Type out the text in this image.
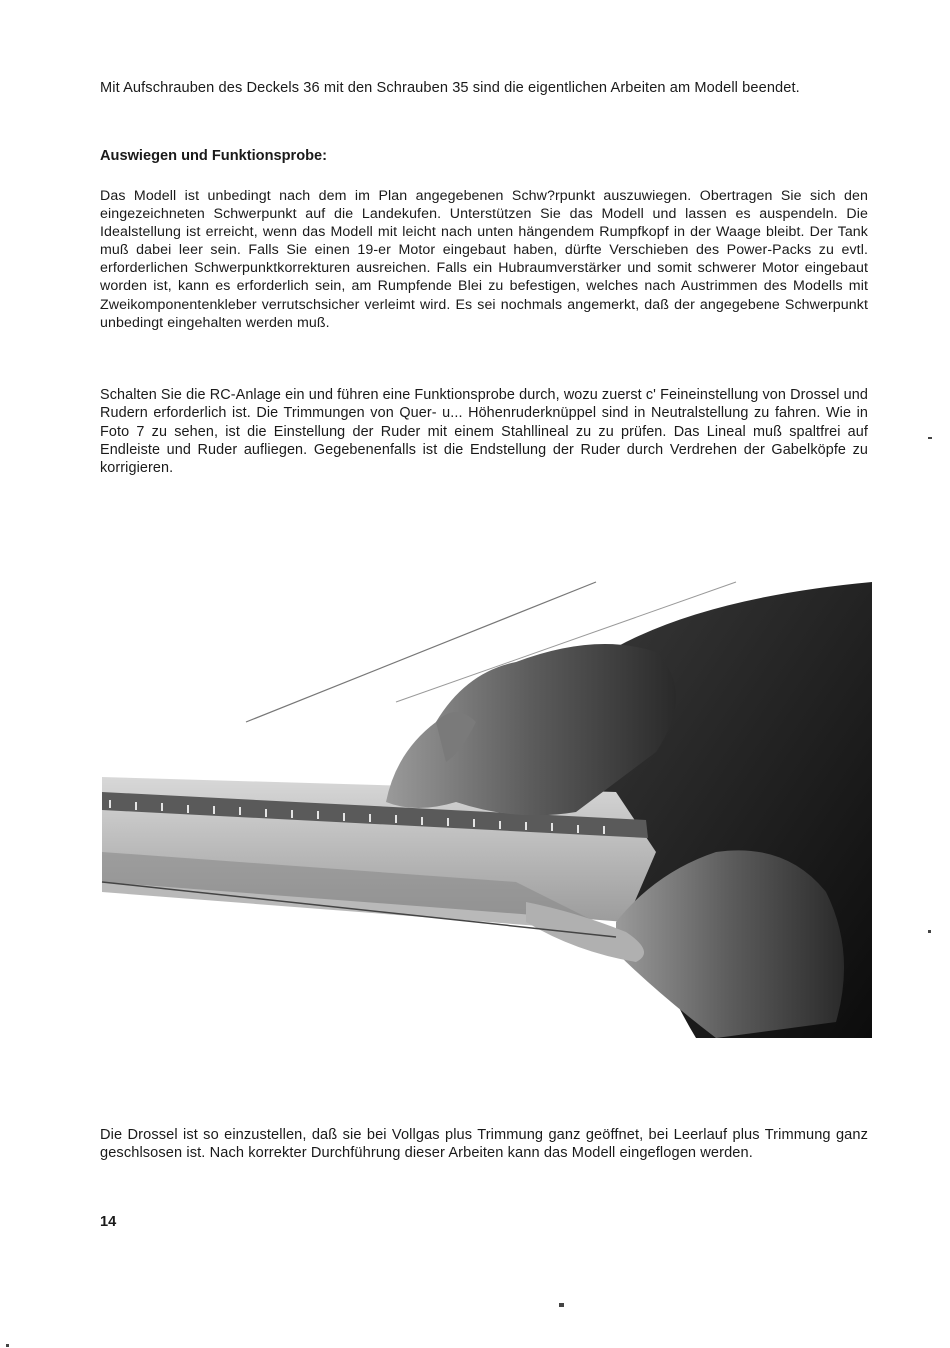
Mit Aufschrauben des Deckels 36 mit den Schrauben 35 sind die eigentlichen Arbeiten am Modell beendet.
Auswiegen und Funktionsprobe:
Das Modell ist unbedingt nach dem im Plan angegebenen Schw?rpunkt auszuwiegen. Obertragen Sie sich den eingezeichneten Schwerpunkt auf die Landekufen. Unterstützen Sie das Modell und lassen es auspendeln. Die Idealstellung ist erreicht, wenn das Modell mit leicht nach unten hängendem Rumpfkopf in der Waage bleibt. Der Tank muß dabei leer sein. Falls Sie einen 19-er Motor eingebaut haben, dürfte Verschieben des Power-Packs zu evtl. erforderlichen Schwerpunktkorrekturen ausreichen. Falls ein Hubraumverstärker und somit schwerer Motor eingebaut worden ist, kann es erforderlich sein, am Rumpfende Blei zu befestigen, welches nach Austrimmen des Modells mit Zweikomponentenkleber verrutschsicher verleimt wird. Es sei nochmals angemerkt, daß der angegebene Schwerpunkt unbedingt eingehalten werden muß.
Schalten Sie die RC-Anlage ein und führen eine Funktionsprobe durch, wozu zuerst c' Feineinstellung von Drossel und Rudern erforderlich ist. Die Trimmungen von Quer- u... Höhenruderknüppel sind in Neutralstellung zu fahren. Wie in Foto 7 zu sehen, ist die Einstellung der Ruder mit einem Stahllineal zu zu prüfen. Das Lineal muß spaltfrei auf Endleiste und Ruder aufliegen. Gegebenenfalls ist die Endstellung der Ruder durch Verdrehen der Gabelköpfe zu korrigieren.
Die Drossel ist so einzustellen, daß sie bei Vollgas plus Trimmung ganz geöffnet, bei Leerlauf plus Trimmung ganz geschlsosen ist. Nach korrekter Durchführung dieser Arbeiten kann das Modell eingeflogen werden.
14
